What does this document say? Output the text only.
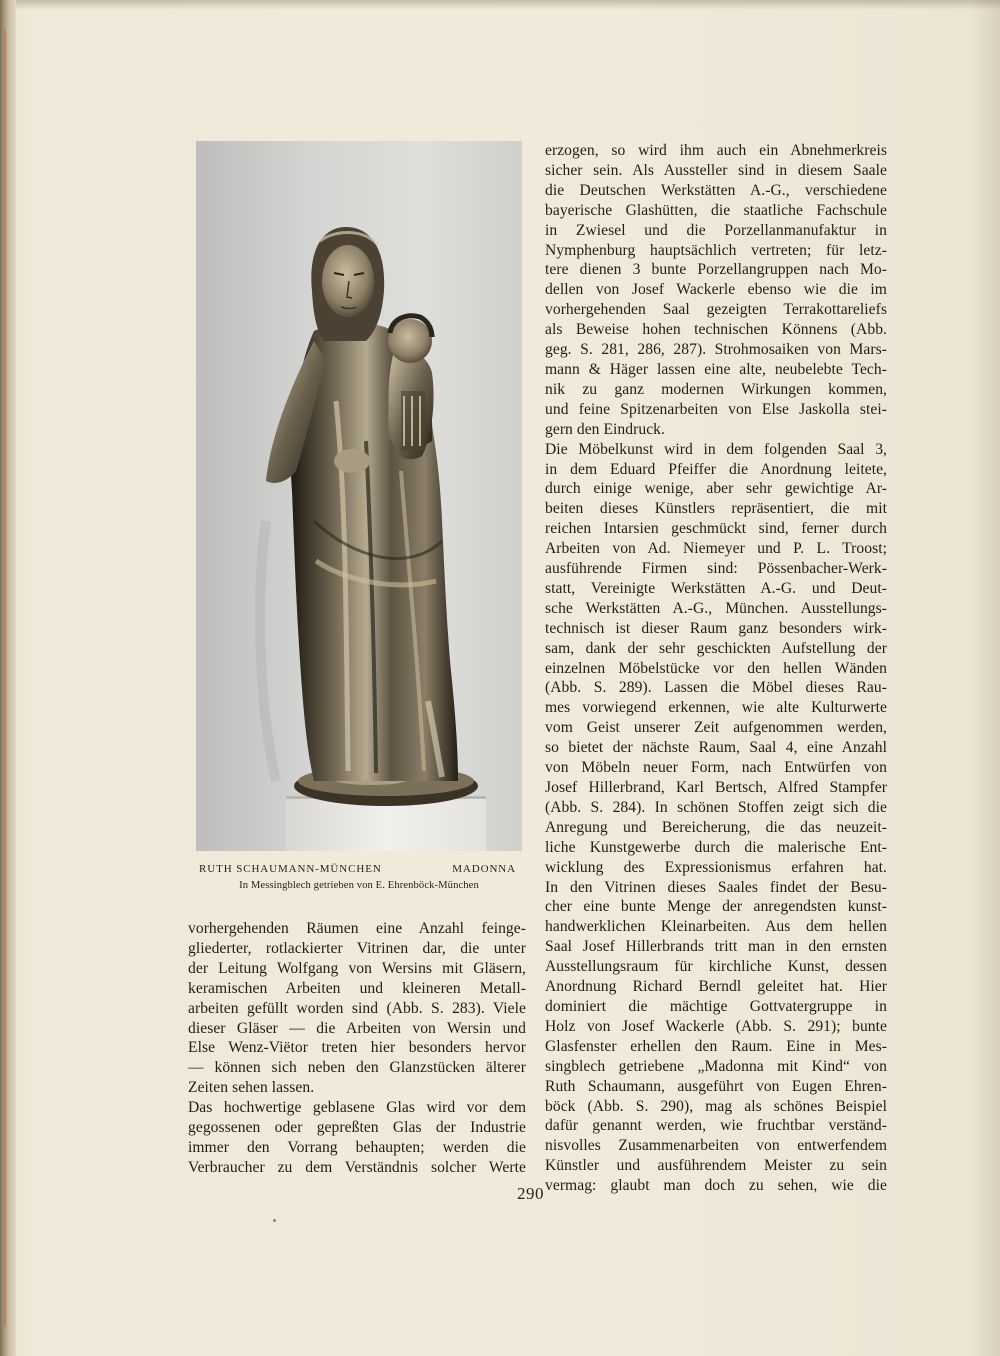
RUTH SCHAUMANN-MÜNCHEN	MADONNA
In Messingblech getrieben von E. Ehrenböck-München

erzogen, so wird ihm auch ein Abnehmerkreis

sicher sein. Als Aussteller sind in diesem Saale

die Deutschen Werkstätten A.-G., verschiedene

bayerische Glashütten, die staatliche Fachschule

in Zwiesel und die Porzellanmanufaktur in

Nymphenburg hauptsächlich vertreten; für letz-

tere dienen 3 bunte Porzellangruppen nach Mo-

dellen von Josef Wackerle ebenso wie die im

vorhergehenden Saal gezeigten Terrakottareliefs

als Beweise hohen technischen Könnens (Abb.

geg. S. 281, 286, 287). Strohmosaiken von Mars-

mann & Häger lassen eine alte, neubelebte Tech-

nik zu ganz modernen Wirkungen kommen,

und feine Spitzenarbeiten von Else Jaskolla stei-

gern den Eindruck.

Die Möbelkunst wird in dem folgenden Saal 3,

in dem Eduard Pfeiffer die Anordnung leitete,

durch einige wenige, aber sehr gewichtige Ar-

beiten dieses Künstlers repräsentiert, die mit

reichen Intarsien geschmückt sind, ferner durch

Arbeiten von Ad. Niemeyer und P. L. Troost;

ausführende Firmen sind: Pössenbacher-Werk-

statt, Vereinigte Werkstätten A.-G. und Deut-

sche Werkstätten A.-G., München. Ausstellungs-

technisch ist dieser Raum ganz besonders wirk-

sam, dank der sehr geschickten Aufstellung der

einzelnen Möbelstücke vor den hellen Wänden

(Abb. S. 289). Lassen die Möbel dieses Rau-

mes vorwiegend erkennen, wie alte Kulturwerte

vom Geist unserer Zeit aufgenommen werden,

so bietet der nächste Raum, Saal 4, eine Anzahl

von Möbeln neuer Form, nach Entwürfen von

Josef Hillerbrand, Karl Bertsch, Alfred Stampfer

(Abb. S. 284). In schönen Stoffen zeigt sich die

Anregung und Bereicherung, die das neuzeit-

liche Kunstgewerbe durch die malerische Ent-

wicklung des Expressionismus erfahren hat.

In den Vitrinen dieses Saales findet der Besu-

cher eine bunte Menge der anregendsten kunst-

handwerklichen Kleinarbeiten. Aus dem hellen

Saal Josef Hillerbrands tritt man in den ernsten

Ausstellungsraum für kirchliche Kunst, dessen

Anordnung Richard Berndl geleitet hat. Hier

dominiert die mächtige Gottvatergruppe in

Holz von Josef Wackerle (Abb. S. 291); bunte

Glasfenster erhellen den Raum. Eine in Mes-

singblech getriebene „Madonna mit Kind“ von

Ruth Schaumann, ausgeführt von Eugen Ehren-

böck (Abb. S. 290), mag als schönes Beispiel

dafür genannt werden, wie fruchtbar verständ-

nisvolles Zusammenarbeiten von entwerfendem

Künstler und ausführendem Meister zu sein

vermag: glaubt man doch zu sehen, wie die

vorhergehenden Räumen eine Anzahl feinge-

gliederter, rotlackierter Vitrinen dar, die unter

der Leitung Wolfgang von Wersins mit Gläsern,

keramischen Arbeiten und kleineren Metall-

arbeiten gefüllt worden sind (Abb. S. 283). Viele

dieser Gläser — die Arbeiten von Wersin und

Else Wenz-Viëtor treten hier besonders hervor

— können sich neben den Glanzstücken älterer

Zeiten sehen lassen.

Das hochwertige geblasene Glas wird vor dem

gegossenen oder gepreßten Glas der Industrie

immer den Vorrang behaupten; werden die

Verbraucher zu dem Verständnis solcher Werte

290
